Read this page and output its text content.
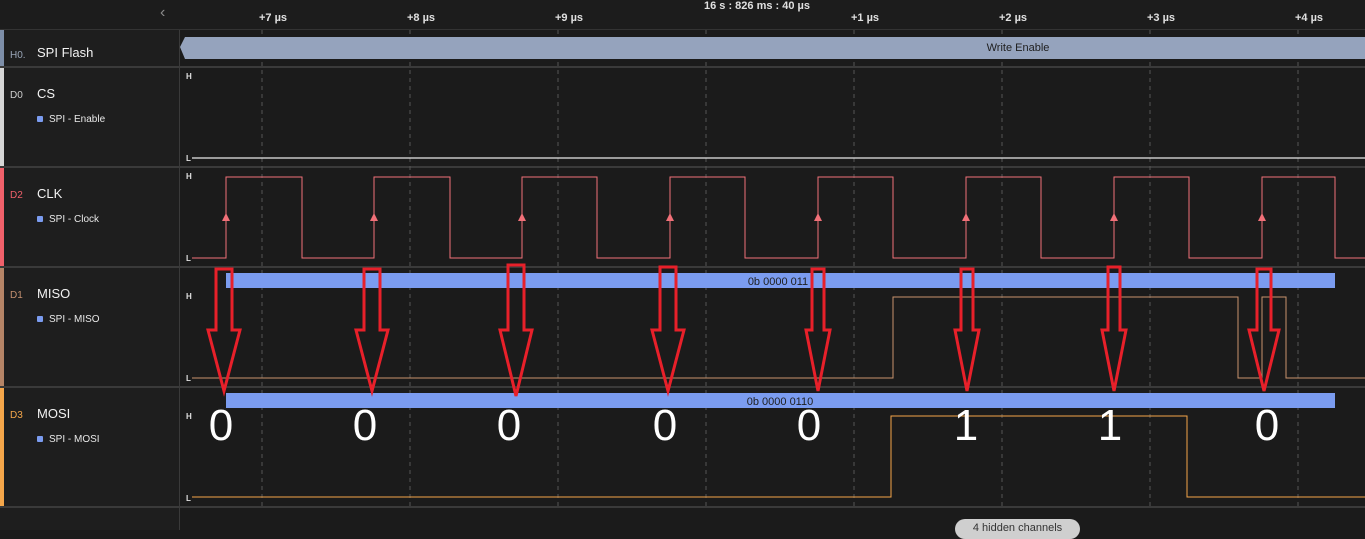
‹	16 s : 826 ms : 40 µs
+7 µs	+8 µs	+9 µs	+1 µs	+2 µs	+3 µs	+4 µs
H0. SPI Flash
D0 CS
SPI - Enable
D2 CLK
SPI - Clock
D1 MISO
SPI - MISO
D3 MOSI
SPI - MOSI
Write Enable
H
L
H
L
H
L
H
L
0b 0000 011
0b 0000 0110
0	0	0	0	0	1	1	0
4 hidden channels
